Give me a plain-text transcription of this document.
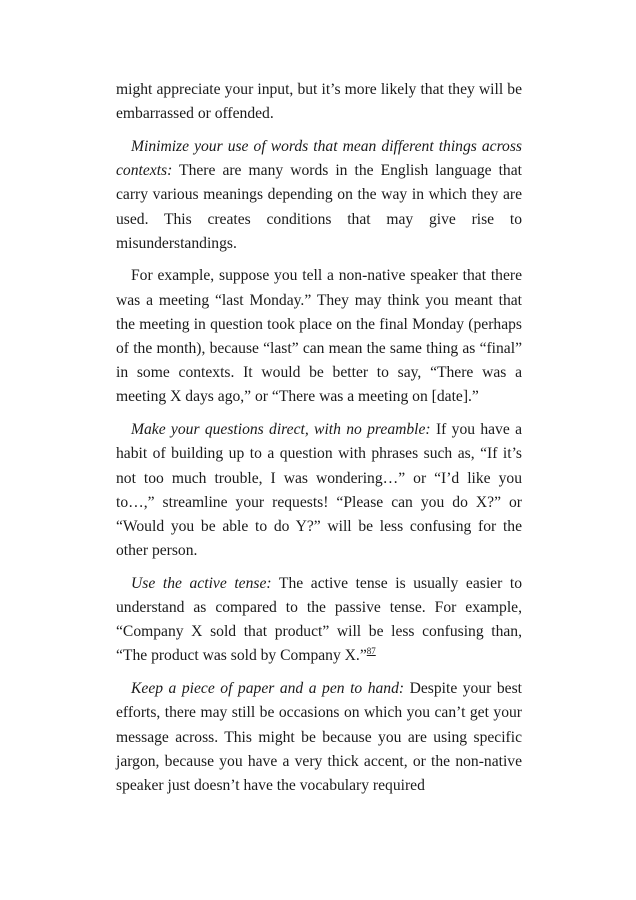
might appreciate your input, but it’s more likely that they will be embarrassed or offended.

Minimize your use of words that mean different things across contexts: There are many words in the English language that carry various meanings depending on the way in which they are used. This creates conditions that may give rise to misunderstandings.

For example, suppose you tell a non-native speaker that there was a meeting “last Monday.” They may think you meant that the meeting in question took place on the final Monday (perhaps of the month), because “last” can mean the same thing as “final” in some contexts. It would be better to say, “There was a meeting X days ago,” or “There was a meeting on [date].”

Make your questions direct, with no preamble: If you have a habit of building up to a question with phrases such as, “If it’s not too much trouble, I was wondering…” or “I’d like you to…,” streamline your requests! “Please can you do X?” or “Would you be able to do Y?” will be less confusing for the other person.

Use the active tense: The active tense is usually easier to understand as compared to the passive tense. For example, “Company X sold that product” will be less confusing than, “The product was sold by Company X.”$^{87}$

Keep a piece of paper and a pen to hand: Despite your best efforts, there may still be occasions on which you can’t get your message across. This might be because you are using specific jargon, because you have a very thick accent, or the non-native speaker just doesn’t have the vocabulary required
